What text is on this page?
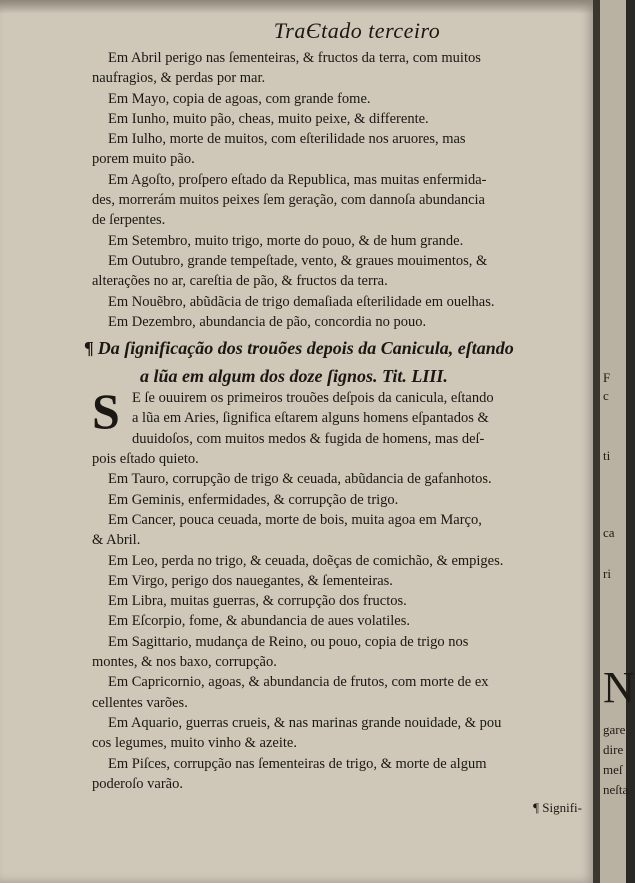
TraЄtado terceiro
Em Abril perigo nas ſementeiras, & fructos da terra, com muitos
naufragios, & perdas por mar.
Em Mayo, copia de agoas, com grande fome.
Em Iunho, muito pão, cheas, muito peixe, & differente.
Em Iulho, morte de muitos, com eſterilidade nos aruores, mas
porem muito pão.
Em Agoſto, proſpero eſtado da Republica, mas muitas enfermida-
des, morrerám muitos peixes ſem geração, com dannoſa abundancia
de ſerpentes.
Em Setembro, muito trigo, morte do pouo, & de hum grande.
Em Outubro, grande tempeſtade, vento, & graues mouimentos, &
alterações no ar, careſtia de pão, & fructos da terra.
Em Nouẽbro, abũdãcia de trigo demaſiada eſterilidade em ouelhas.
Em Dezembro, abundancia de pão, concordia no pouo.
¶ Da ſignificação dos trouões depois da Canicula, eſtando
a lũa em algum dos doze ſignos. Tit. LIII.
S E ſe ouuirem os primeiros trouões deſpois da canicula, eſtando
a lũa em Aries, ſignifica eſtarem alguns homens eſpantados &
duuidoſos, com muitos medos & fugida de homens, mas deſ-
pois eſtado quieto.
Em Tauro, corrupção de trigo & ceuada, abũdancia de gafanhotos.
Em Geminis, enfermidades, & corrupção de trigo.
Em Cancer, pouca ceuada, morte de bois, muita agoa em Março,
& Abril.
Em Leo, perda no trigo, & ceuada, doẽças de comichão, & empiges.
Em Virgo, perigo dos nauegantes, & ſementeiras.
Em Libra, muitas guerras, & corrupção dos fructos.
Em Eſcorpio, fome, & abundancia de aues volatiles.
Em Sagittario, mudança de Reino, ou pouo, copia de trigo nos
montes, & nos baxo, corrupção.
Em Capricornio, agoas, & abundancia de frutos, com morte de ex
cellentes varões.
Em Aquario, guerras crueis, & nas marinas grande nouidade, & pou
cos legumes, muito vinho & azeite.
Em Piſces, corrupção nas ſementeiras de trigo, & morte de algum
poderoſo varão.
¶ Signifi-
F
c
ti
ca
ri
N
gare
dire
meſ
neſta
